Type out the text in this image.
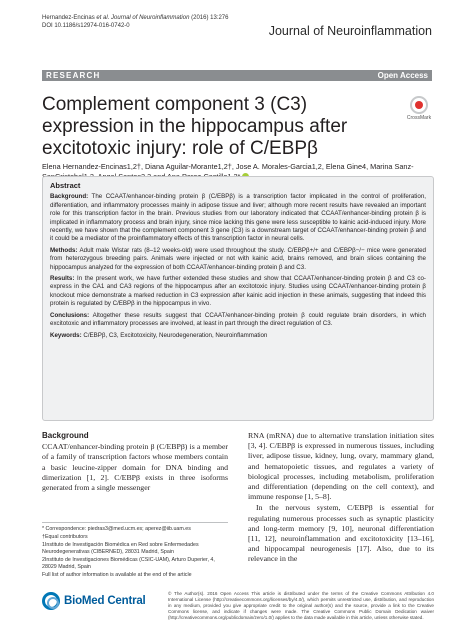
Hernandez-Encinas et al. Journal of Neuroinflammation (2016) 13:276
DOI 10.1186/s12974-016-0742-0	Journal of Neuroinflammation
RESEARCH	Open Access
Complement component 3 (C3) expression in the hippocampus after excitotoxic injury: role of C/EBPβ
CrossMark
Elena Hernandez-Encinas1,2†, Diana Aguilar-Morante1,2†, Jose A. Morales-Garcia1,2, Elena Gine4, Marina Sanz-
Abstract

Background: The CCAAT/enhancer-binding protein β (C/EBPβ) is a transcription factor implicated in the control of proliferation, differentiation, and inflammatory processes mainly in adipose tissue and liver; although more recent results have revealed an important role for this transcription factor in the brain. Previous studies from our laboratory indicated that CCAAT/enhancer-binding protein β is implicated in inflammatory process and brain injury, since mice lacking this gene were less susceptible to kainic acid-induced injury. More recently, we have shown that the complement component 3 gene (C3) is a downstream target of CCAAT/enhancer-binding protein β and it could be a mediator of the proinflammatory effects of this transcription factor in neural cells.

Methods: Adult male Wistar rats (8–12 weeks-old) were used throughout the study. C/EBPβ+/+ and C/EBPβ−/− mice were generated from heterozygous breeding pairs. Animals were injected or not with kainic acid, brains removed, and brain slices containing the hippocampus analyzed for the expression of both CCAAT/enhancer-binding protein β and C3.

Results: In the present work, we have further extended these studies and show that CCAAT/enhancer-binding protein β and C3 co-express in the CA1 and CA3 regions of the hippocampus after an excitotoxic injury. Studies using CCAAT/enhancer-binding protein β knockout mice demonstrate a marked reduction in C3 expression after kainic acid injection in these animals, suggesting that indeed this protein is regulated by C/EBPβ in the hippocampus in vivo.

Conclusions: Altogether these results suggest that CCAAT/enhancer-binding protein β could regulate brain disorders, in which excitotoxic and inflammatory processes are involved, at least in part through the direct regulation of C3.

Keywords: C/EBPβ, C3, Excitotoxicity, Neurodegeneration, Neuroinflammation

Background

CCAAT/enhancer-binding protein β (C/EBPβ) is a member of a family of transcription factors whose members contain a basic leucine-zipper domain for DNA binding and dimerization [1, 2]. C/EBPβ exists in three isoforms generated from a single messenger

RNA (mRNA) due to alternative translation initiation sites [3, 4]. C/EBPβ is expressed in numerous tissues, including liver, adipose tissue, kidney, lung, ovary, mammary gland, and hematopoietic tissues, and regulates a variety of biological processes, including metabolism, proliferation and differentiation (depending on the cell context), and immune response [1, 5–8].

In the nervous system, C/EBPβ is essential for regulating numerous processes such as synaptic plasticity and long-term memory [9, 10], neuronal differentiation [11, 12], neuroinflammation and excitotoxicity [13–16], and hippocampal neurogenesis [17]. Also, due to its relevance in the

* Correspondence: piedras3@med.ucm.es; aperez@iib.uam.es
†Equal contributors
1Instituto de Investigación Biomédica en Red sobre Enfermedades Neurodegenerativas (CIBERNED), 28031 Madrid, Spain
2Instituto de Investigaciones Biomédicas (CSIC-UAM), Arturo Duperier, 4, 28029 Madrid, Spain
Full list of author information is available at the end of the article
BioMed Central
© The Author(s). 2016 Open Access This article is distributed under the terms of the Creative Commons Attribution 4.0 International License (http://creativecommons.org/licenses/by/4.0/), which permits unrestricted use, distribution, and reproduction in any medium, provided you give appropriate credit to the original author(s) and the source, provide a link to the Creative Commons license, and indicate if changes were made. The Creative Commons Public Domain Dedication waiver (http://creativecommons.org/publicdomain/zero/1.0/) applies to the data made available in this article, unless otherwise stated.
